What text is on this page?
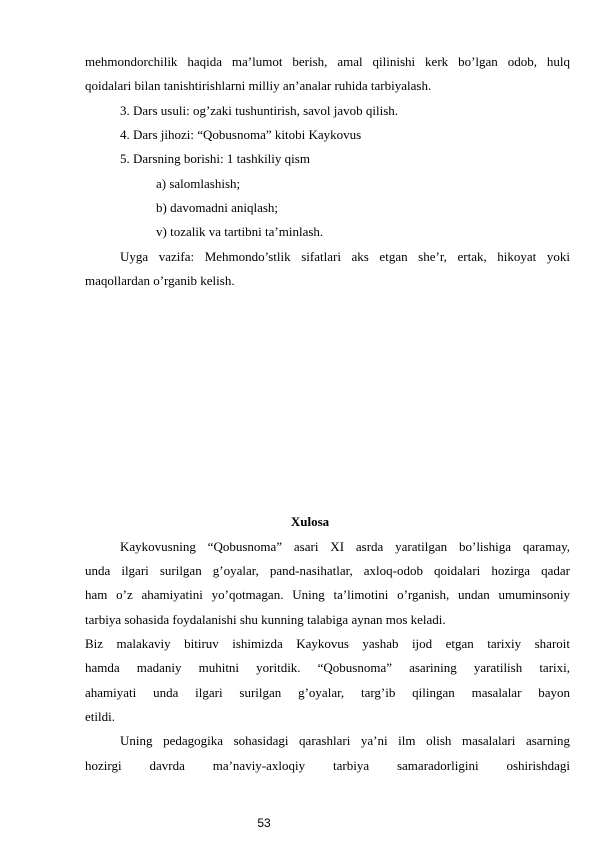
mehmondorchilik haqida ma’lumot berish, amal qilinishi kerk bo’lgan odob, hulq
qoidalari bilan tanishtirishlarni milliy an’analar ruhida tarbiyalash.
3. Dars usuli: og’zaki tushuntirish, savol javob qilish.
4. Dars jihozi: “Qobusnoma” kitobi Kaykovus
5. Darsning borishi: 1 tashkiliy qism
a) salomlashish;
b) davomadni aniqlash;
v) tozalik va tartibni ta’minlash.
Uyga vazifa: Mehmondo’stlik sifatlari aks etgan she’r, ertak, hikoyat yoki
maqollardan o’rganib kelish.
Xulosa
Kaykovusning “Qobusnoma” asari XI asrda yaratilgan bo’lishiga qaramay,
unda ilgari surilgan g’oyalar, pand-nasihatlar, axloq-odob qoidalari hozirga qadar
ham o’z ahamiyatini yo’qotmagan. Uning ta’limotini o’rganish, undan umuminsoniy
tarbiya sohasida foydalanishi shu kunning talabiga aynan mos keladi.
Biz malakaviy bitiruv ishimizda Kaykovus yashab ijod etgan tarixiy sharoit
hamda madaniy muhitni yoritdik. “Qobusnoma” asarining yaratilish tarixi,
ahamiyati unda ilgari surilgan g’oyalar, targ’ib qilingan masalalar bayon
etildi.
Uning pedagogika sohasidagi qarashlari ya’ni ilm olish masalalari asarning
hozirgi davrda ma’naviy-axloqiy tarbiya samaradorligini oshirishdagi
53
